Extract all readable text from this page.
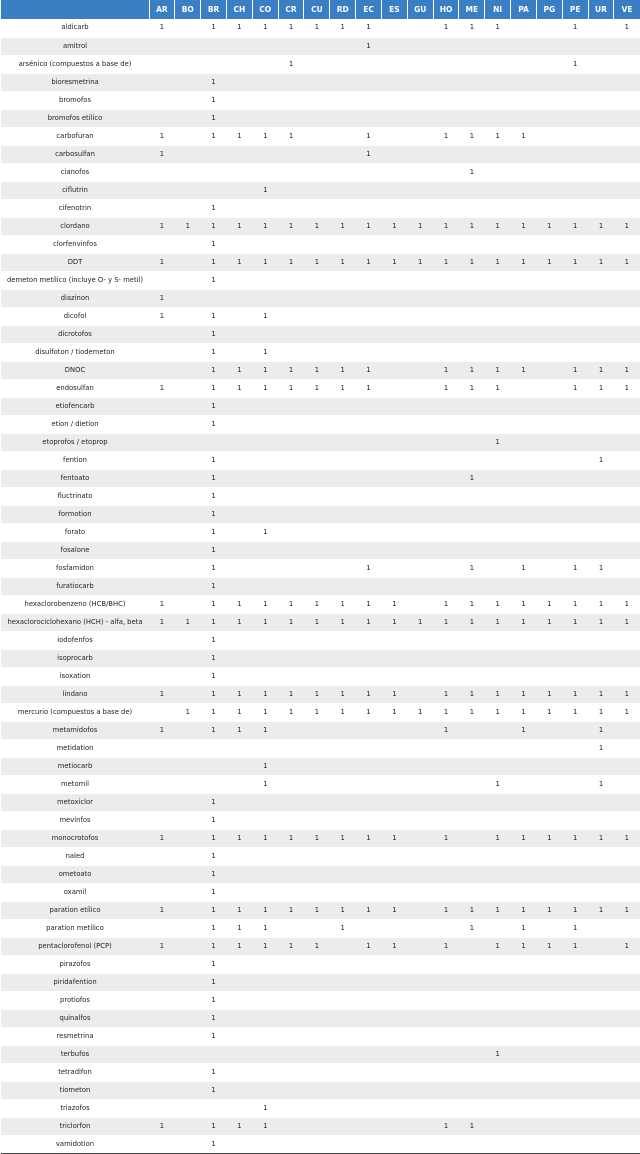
	AR	BO	BR	CH	CO	CR	CU	RD	EC	ES	GU	HO	ME	NI	PA	PG	PE	UR	VE
aldicarb	1		1	1	1	1	1	1	1			1	1	1			1		1
amitrol									1										
arsénico (compuestos a base de)						1											1		
bioresmetrina			1																
bromofos			1																
bromofos etílico			1																
carbofuran	1		1	1	1	1			1			1	1	1	1				
carbosulfan	1								1										
cianofos													1						
ciflutrin					1														
cifenotrin			1																
clordano	1	1	1	1	1	1	1	1	1	1	1	1	1	1	1	1	1	1	1
clorfenvinfos			1																
DDT	1		1	1	1	1	1	1	1	1	1	1	1	1	1	1	1	1	1
demeton metílico (incluye O- y S- metil)			1																
diazinon	1																		
dicofol	1		1		1														
dicrotofos			1																
disulfoton / tiodemeton			1		1														
DNOC			1	1	1	1	1	1	1			1	1	1	1		1	1	1
endosulfan	1		1	1	1	1	1	1	1			1	1	1			1	1	1
etiofencarb			1																
etion / dietion			1																
etoprofos / etoprop														1					
fention			1															1	
fentoato			1										1						
fluctrinato			1																
formotion			1																
forato			1		1														
fosalone			1																
fosfamidon			1						1				1		1		1	1	
furatiocarb			1																
hexaclorobenzeno (HCB/BHC)	1		1	1	1	1	1	1	1	1		1	1	1	1	1	1	1	1
hexaclorociclohexano (HCH) - alfa, beta	1	1	1	1	1	1	1	1	1	1	1	1	1	1	1	1	1	1	1
iodofenfos			1																
isoprocarb			1																
isoxation			1																
lindano	1		1	1	1	1	1	1	1	1		1	1	1	1	1	1	1	1
mercurio (compuestos a base de)		1	1	1	1	1	1	1	1	1	1	1	1	1	1	1	1	1	1
metamidofos	1		1	1	1							1			1			1	
metidation																		1	
metiocarb					1														
metomil					1									1				1	
metoxiclor			1																
mevinfos			1																
monocrotofos	1		1	1	1	1	1	1	1	1		1		1	1	1	1	1	1
naled			1																
ometoato			1																
oxamil			1																
paration etílico	1		1	1	1	1	1	1	1	1		1	1	1	1	1	1	1	1
paration metílico			1	1	1			1					1		1		1		
pentaclorofenol (PCP)	1		1	1	1	1	1		1	1		1		1	1	1	1		1
pirazofos			1																
piridafention			1																
protiofos			1																
quinalfos			1																
resmetrina			1																
terbufos														1					
tetradifon			1																
tiometon			1																
triazofos					1														
triclorfon	1		1	1	1							1	1						
vamidotion			1																
